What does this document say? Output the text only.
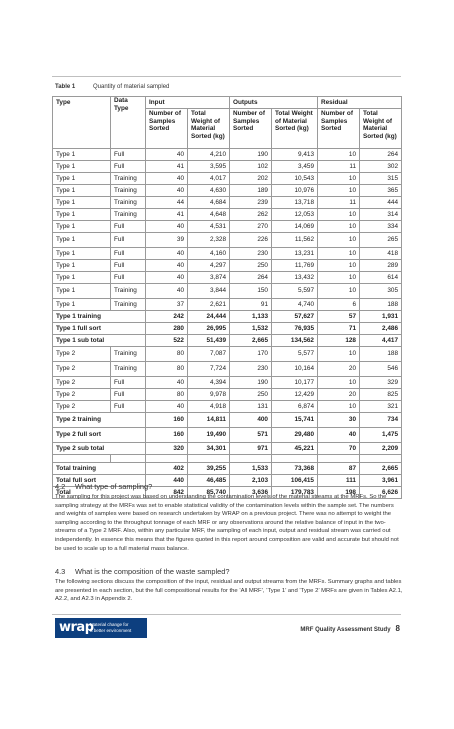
Table 1	Quantity of material sampled
Type	Data Type	Input		Outputs		Residual	
		Number of Samples Sorted	Total Weight of Material Sorted (kg)	Number of Samples Sorted	Total Weight of Material Sorted (kg)	Number of Samples Sorted	Total Weight of Material Sorted (kg)
Type 1	Full	40	4,210	190	9,413	10	264
Type 1	Full	41	3,595	102	3,459	11	302
Type 1	Training	40	4,017	202	10,543	10	315
Type 1	Training	40	4,630	189	10,976	10	365
Type 1	Training	44	4,684	239	13,718	11	444
Type 1	Training	41	4,648	262	12,053	10	314
Type 1	Full	40	4,531	270	14,069	10	334
Type 1	Full	39	2,328	226	11,562	10	265
Type 1	Full	40	4,160	230	13,231	10	418
Type 1	Full	40	4,297	250	11,769	10	289
Type 1	Full	40	3,874	264	13,432	10	614
Type 1	Training	40	3,844	150	5,597	10	305
Type 1	Training	37	2,621	91	4,740	6	188
Type 1 training		242	24,444	1,133	57,627	57	1,931
Type 1 full sort		280	26,995	1,532	76,935	71	2,486
Type 1 sub total		522	51,439	2,665	134,562	128	4,417
Type 2	Training	80	7,087	170	5,577	10	188
Type 2	Training	80	7,724	230	10,164	20	546
Type 2	Full	40	4,394	190	10,177	10	329
Type 2	Full	80	9,978	250	12,429	20	825
Type 2	Full	40	4,918	131	6,874	10	321
Type 2 training		160	14,811	400	15,741	30	734
Type 2 full sort		160	19,490	571	29,480	40	1,475
Type 2 sub total		320	34,301	971	45,221	70	2,209

Total training		402	39,255	1,533	73,368	87	2,665
Total full sort		440	46,485	2,103	106,415	111	3,961
Total		842	85,740	3,636	179,783	198	6,626
4.2 What type of sampling?
The sampling for this project was based on understanding the contamination levels of the material streams at the MRFs. So the sampling strategy at the MRFs was set to enable statistical validity of the contamination levels within the sample set. The numbers and weights of samples were based on research undertaken by WRAP on a previous project. There was no attempt to weight the sampling according to the throughput tonnage of each MRF or any observations around the relative balance of input in the two-streams of a Type 2 MRF. Also, within any particular MRF, the sampling of each input, output and residual stream was carried out independently. In essence this means that the figures quoted in this report around composition are valid and accurate but should not be used to scale up to a full material mass balance.
4.3 What is the composition of the waste sampled?
The following sections discuss the composition of the input, residual and output streams from the MRFs. Summary graphs and tables are presented in each section, but the full compositional results for the ‘All MRF’, ‘Type 1’ and ‘Type 2’ MRFs are given in Tables A2.1, A2.2, and A2.3 in Appendix 2.
wrap
Material change for
a better environment	MRF Quality Assessment Study 8
